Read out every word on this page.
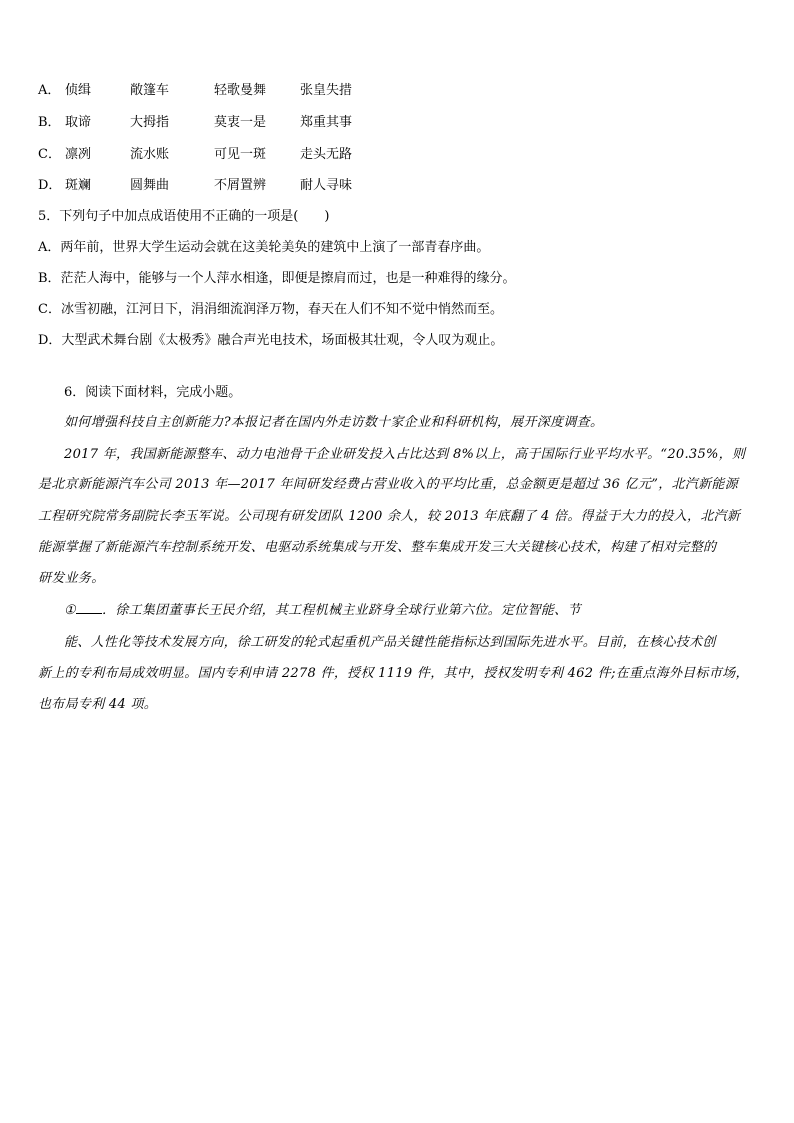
A． 侦缉	敞篷车	轻歌曼舞	张皇失措
B． 取谛	大拇指	莫衷一是	郑重其事
C． 凛冽	流水账	可见一斑	走头无路
D． 斑斓	圆舞曲	不屑置辨	耐人寻味
5．下列句子中加点成语使用不正确的一项是(　　)
A．两年前，世界大学生运动会就在这美轮美奂的建筑中上演了一部青春序曲。
B．茫茫人海中，能够与一个人萍水相逢，即便是擦肩而过，也是一种难得的缘分。
C．冰雪初融，江河日下，涓涓细流润泽万物，春天在人们不知不觉中悄然而至。
D．大型武术舞台剧《太极秀》融合声光电技术，场面极其壮观，令人叹为观止。
6．阅读下面材料，完成小题。
如何增强科技自主创新能力?本报记者在国内外走访数十家企业和科研机构，展开深度调查。
2017 年，我国新能源整车、动力电池骨干企业研发投入占比达到 8%以上，高于国际行业平均水平。“20.35%，则
是北京新能源汽车公司 2013 年—2017 年间研发经费占营业收入的平均比重，总金额更是超过 36 亿元”，北汽新能源
工程研究院常务副院长李玉军说。公司现有研发团队 1200 余人，较 2013 年底翻了 4 倍。得益于大力的投入，北汽新
能源掌握了新能源汽车控制系统开发、电驱动系统集成与开发、整车集成开发三大关键核心技术，构建了相对完整的
研发业务。
① ．徐工集团董事长王民介绍，其工程机械主业跻身全球行业第六位。定位智能、节
能、人性化等技术发展方向，徐工研发的轮式起重机产品关键性能指标达到国际先进水平。目前，在核心技术创
新上的专利布局成效明显。国内专利申请 2278 件，授权 1119 件，其中，授权发明专利 462 件;在重点海外目标市场，
也布局专利 44 项。
